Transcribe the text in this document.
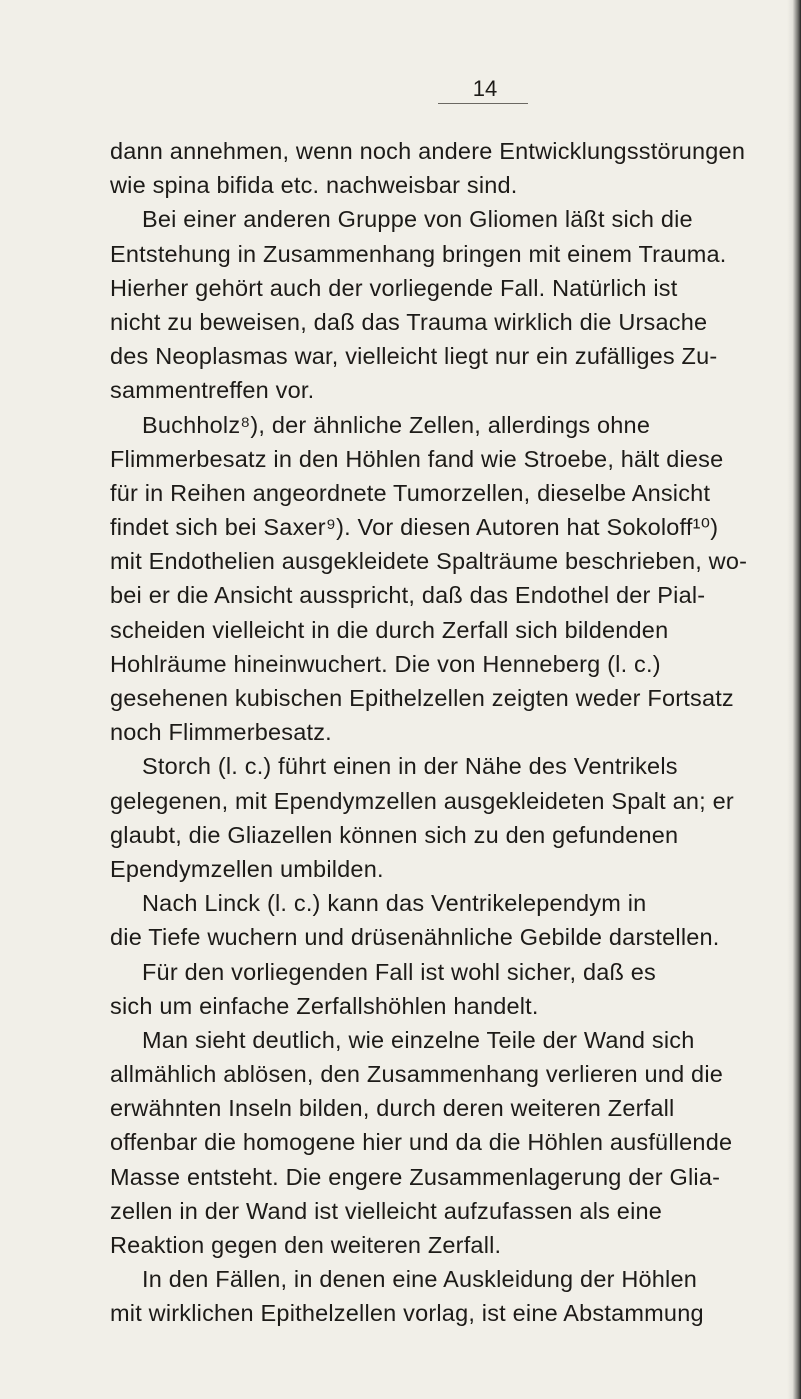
14
dann annehmen, wenn noch andere Entwicklungsstörungen
wie spina bifida etc. nachweisbar sind.
Bei einer anderen Gruppe von Gliomen läßt sich die
Entstehung in Zusammenhang bringen mit einem Trauma.
Hierher gehört auch der vorliegende Fall. Natürlich ist
nicht zu beweisen, daß das Trauma wirklich die Ursache
des Neoplasmas war, vielleicht liegt nur ein zufälliges Zu-
sammentreffen vor.
Buchholz⁸), der ähnliche Zellen, allerdings ohne
Flimmerbesatz in den Höhlen fand wie Stroebe, hält diese
für in Reihen angeordnete Tumorzellen, dieselbe Ansicht
findet sich bei Saxer⁹). Vor diesen Autoren hat Sokoloff¹⁰)
mit Endothelien ausgekleidete Spalträume beschrieben, wo-
bei er die Ansicht ausspricht, daß das Endothel der Pial-
scheiden vielleicht in die durch Zerfall sich bildenden
Hohlräume hineinwuchert. Die von Henneberg (l. c.)
gesehenen kubischen Epithelzellen zeigten weder Fortsatz
noch Flimmerbesatz.
Storch (l. c.) führt einen in der Nähe des Ventrikels
gelegenen, mit Ependymzellen ausgekleideten Spalt an; er
glaubt, die Gliazellen können sich zu den gefundenen
Ependymzellen umbilden.
Nach Linck (l. c.) kann das Ventrikelependym in
die Tiefe wuchern und drüsenähnliche Gebilde darstellen.
Für den vorliegenden Fall ist wohl sicher, daß es
sich um einfache Zerfallshöhlen handelt.
Man sieht deutlich, wie einzelne Teile der Wand sich
allmählich ablösen, den Zusammenhang verlieren und die
erwähnten Inseln bilden, durch deren weiteren Zerfall
offenbar die homogene hier und da die Höhlen ausfüllende
Masse entsteht. Die engere Zusammenlagerung der Glia-
zellen in der Wand ist vielleicht aufzufassen als eine
Reaktion gegen den weiteren Zerfall.
In den Fällen, in denen eine Auskleidung der Höhlen
mit wirklichen Epithelzellen vorlag, ist eine Abstammung
